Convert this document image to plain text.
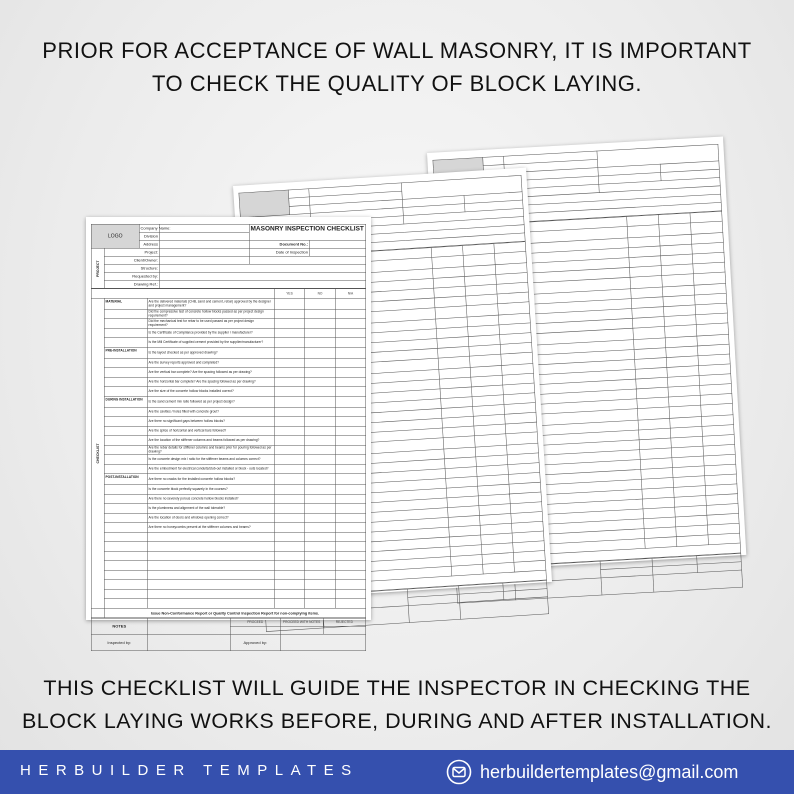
PRIOR FOR ACCEPTANCE OF WALL MASONRY, IT IS IMPORTANT
TO CHECK THE QUALITY OF BLOCK LAYING.

LOGO		Company Name:		MASONRY INSPECTION CHECKLIST	
		Division			
		Address		Document No.:	
PROJECT	Project:			Date of Inspection	
	Client/Owner:				
	Structure:				
	Requested by:				
	Drawing Ref.:				
			YES	NO	N/A
CHECKLIST	MATERIAL	Are the delivered materials (CHB, sand and cement, rebar) approved by the designer and project management?			
		Did the compressive test of concrete hollow blocks passed as per project design requirement?			
		Did the mechanical test for rebar to be used passed as per project design requirement?			
		Is the Certificate of Compliance provided by the supplier / manufacturer?			
		Is the Mill Certificate of supplied cement provided by the supplier/manufacturer?			
	PRE-INSTALLATION	Is the layout checked as per approved drawing?			
		Are the survey reports approved and completed?			
		Are the vertical bar complete? Are the spacing followed as per drawing?			
		Are the horizontal bar complete? Are the spacing followed as per drawing?			
		Are the size of the concrete hollow blocks installed correct?			
	DURING INSTALLATION	Is the sand cement mix ratio followed as per project design?			
		Are the cavities / holes filled with concrete grout?			
		Are there no significant gaps between hollow blocks?			
		Are the splice of horizontal and vertical bars followed?			
		Are the location of the stiffener columns and beams followed as per drawing?			
		Are the rebar details for stiffener columns and beams prior for pouring followed as per drawing?			
		Is the concrete design mix / ratio for the stiffener beams and columns correct?			
		Are the embedment for electrical conduits/stub-out installed or block - outs located?			
	POST-INSTALLATION	Are there no cracks for the installed concrete hollow blocks?			
		Is the concrete block perfectly squarely in the courses?			
		Are there no severely porous concrete hollow blocks installed?			
		Is the plumbness and alignment of the wall tolerable?			
		Are the location of doors and windows opening correct?			
		Are there no honeycombs present at the stiffener columns and beams?			

	Issue Non-Conformance Report or Quality Control Inspection Report for non-complying items.				
NOTES		PROCEED	PROCEED WITH NOTES	REJECTED

Inspected by:		Approved by:		
THIS CHECKLIST WILL GUIDE THE INSPECTOR IN CHECKING THE
BLOCK LAYING WORKS BEFORE, DURING AND AFTER INSTALLATION.
HERBUILDER TEMPLATES	herbuildertemplates@gmail.com
